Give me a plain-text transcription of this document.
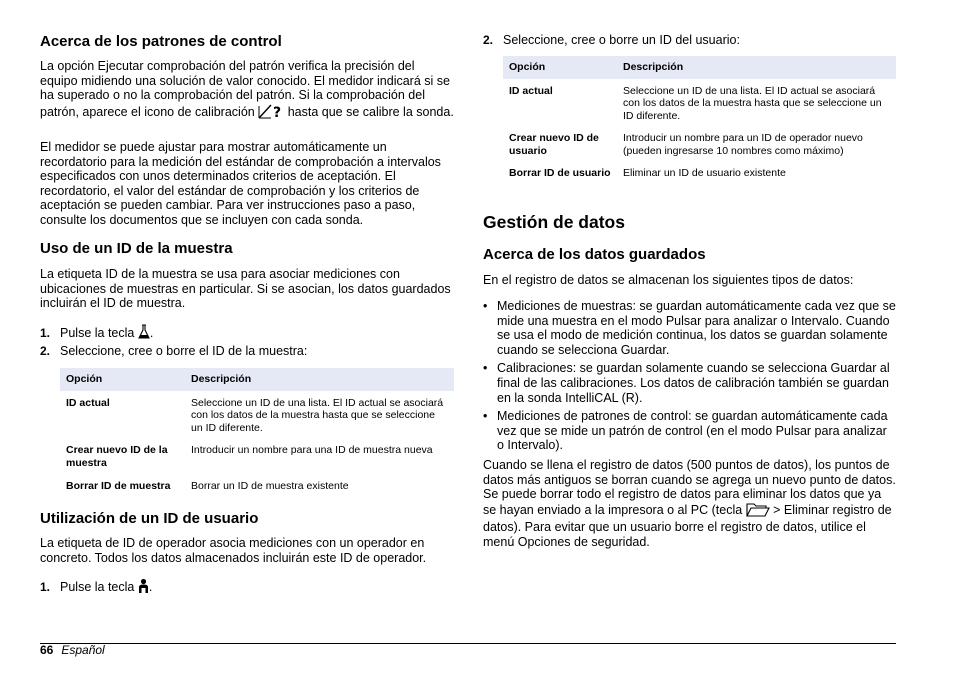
Acerca de los patrones de control

La opción Ejecutar comprobación del patrón verifica la precisión del equipo midiendo una solución de valor conocido. El medidor indicará si se ha superado o no la comprobación del patrón. Si la comprobación del patrón, aparece el icono de calibración ? hasta que se calibre la sonda.

El medidor se puede ajustar para mostrar automáticamente un recordatorio para la medición del estándar de comprobación a intervalos especificados con unos determinados criterios de aceptación. El recordatorio, el valor del estándar de comprobación y los criterios de aceptación se pueden cambiar. Para ver instrucciones paso a paso, consulte los documentos que se incluyen con cada sonda.

Uso de un ID de la muestra

La etiqueta ID de la muestra se usa para asociar mediciones con ubicaciones de muestras en particular. Si se asocian, los datos guardados incluirán el ID de muestra.

1. Pulse la tecla .
2. Seleccione, cree o borre el ID de la muestra:
Opción	Descripción
ID actual	Seleccione un ID de una lista. El ID actual se asociará con los datos de la muestra hasta que se seleccione un ID diferente.
Crear nuevo ID de la muestra	Introducir un nombre para una ID de muestra nueva
Borrar ID de muestra	Borrar un ID de muestra existente
Utilización de un ID de usuario

La etiqueta de ID de operador asocia mediciones con un operador en concreto. Todos los datos almacenados incluirán este ID de operador.

1. Pulse la tecla .
2. Seleccione, cree o borre un ID del usuario:
Opción	Descripción
ID actual	Seleccione un ID de una lista. El ID actual se asociará con los datos de la muestra hasta que se seleccione un ID diferente.
Crear nuevo ID de usuario	Introducir un nombre para un ID de operador nuevo (pueden ingresarse 10 nombres como máximo)
Borrar ID de usuario	Eliminar un ID de usuario existente
Gestión de datos
Acerca de los datos guardados

En el registro de datos se almacenan los siguientes tipos de datos:

• Mediciones de muestras: se guardan automáticamente cada vez que se mide una muestra en el modo Pulsar para analizar o Intervalo. Cuando se usa el modo de medición continua, los datos se guardan solamente cuando se selecciona Guardar.
• Calibraciones: se guardan solamente cuando se selecciona Guardar al final de las calibraciones. Los datos de calibración también se guardan en la sonda IntelliCAL (R).
• Mediciones de patrones de control: se guardan automáticamente cada vez que se mide un patrón de control (en el modo Pulsar para analizar o Intervalo).

Cuando se llena el registro de datos (500 puntos de datos), los puntos de datos más antiguos se borran cuando se agrega un nuevo punto de datos. Se puede borrar todo el registro de datos para eliminar los datos que ya se hayan enviado a la impresora o al PC (tecla > Eliminar registro de datos). Para evitar que un usuario borre el registro de datos, utilice el menú Opciones de seguridad.

66 Español
